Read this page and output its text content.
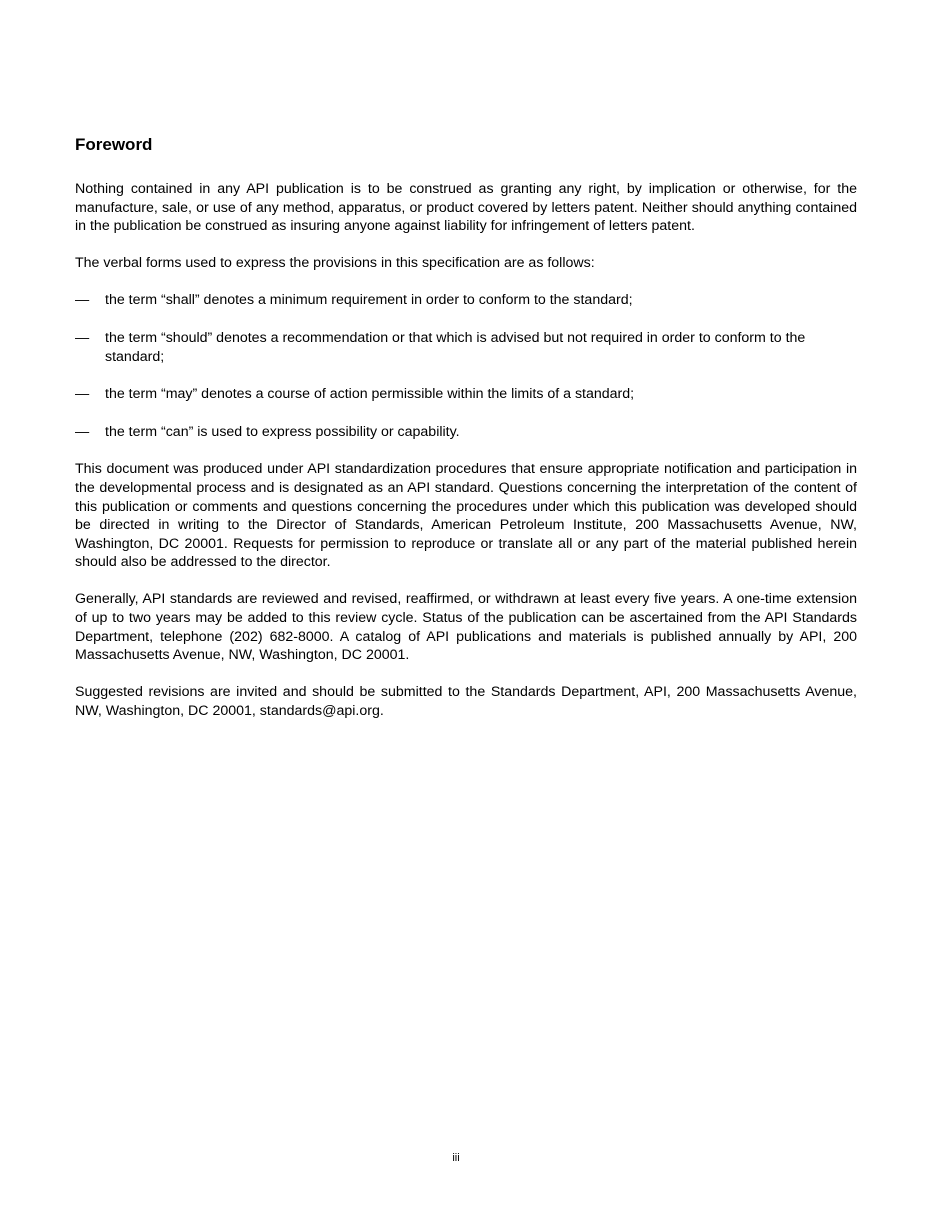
Foreword

Nothing contained in any API publication is to be construed as granting any right, by implication or otherwise, for the manufacture, sale, or use of any method, apparatus, or product covered by letters patent. Neither should anything contained in the publication be construed as insuring anyone against liability for infringement of letters patent.

The verbal forms used to express the provisions in this specification are as follows:

— the term “shall” denotes a minimum requirement in order to conform to the standard;
— the term “should” denotes a recommendation or that which is advised but not required in order to conform to the standard;
— the term “may” denotes a course of action permissible within the limits of a standard;
— the term “can” is used to express possibility or capability.

This document was produced under API standardization procedures that ensure appropriate notification and participation in the developmental process and is designated as an API standard. Questions concerning the interpretation of the content of this publication or comments and questions concerning the procedures under which this publication was developed should be directed in writing to the Director of Standards, American Petroleum Institute, 200 Massachusetts Avenue, NW, Washington, DC 20001. Requests for permission to reproduce or translate all or any part of the material published herein should also be addressed to the director.

Generally, API standards are reviewed and revised, reaffirmed, or withdrawn at least every five years. A one-time extension of up to two years may be added to this review cycle. Status of the publication can be ascertained from the API Standards Department, telephone (202) 682-8000. A catalog of API publications and materials is published annually by API, 200 Massachusetts Avenue, NW, Washington, DC 20001.

Suggested revisions are invited and should be submitted to the Standards Department, API, 200 Massachusetts Avenue, NW, Washington, DC 20001, standards@api.org.

iii
